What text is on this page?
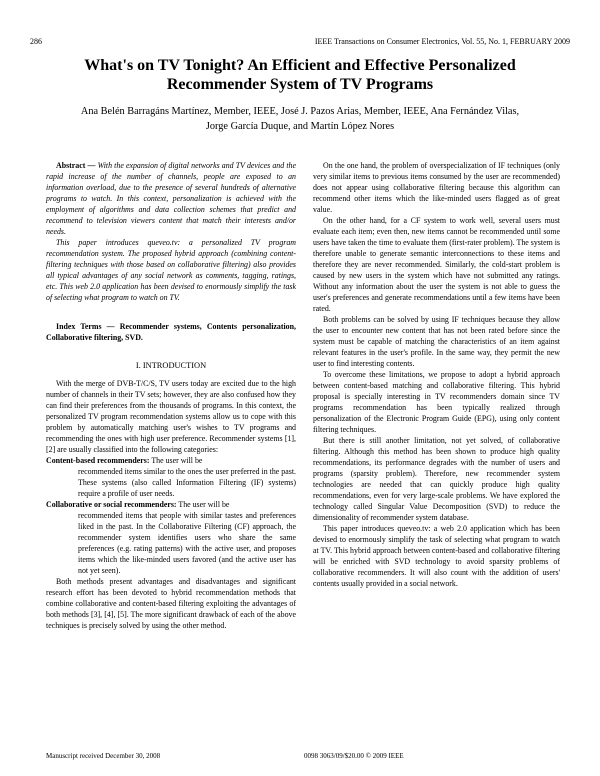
286	IEEE Transactions on Consumer Electronics, Vol. 55, No. 1, FEBRUARY 2009
What's on TV Tonight? An Efficient and Effective Personalized
Recommender System of TV Programs
Ana Belén Barragáns Martínez, Member, IEEE, José J. Pazos Arias, Member, IEEE, Ana Fernández Vilas,
Jorge García Duque, and Martín López Nores

Abstract — With the expansion of digital networks and TV devices and the rapid increase of the number of channels, people are exposed to an information overload, due to the presence of several hundreds of alternative programs to watch. In this context, personalization is achieved with the employment of algorithms and data collection schemes that predict and recommend to television viewers content that match their interests and/or needs.

This paper introduces queveo.tv: a personalized TV program recommendation system. The proposed hybrid approach (combining content-filtering techniques with those based on collaborative filtering) also provides all typical advantages of any social network as comments, tagging, ratings, etc. This web 2.0 application has been devised to enormously simplify the task of selecting what program to watch on TV.

Index Terms — Recommender systems, Contents personalization, Collaborative filtering, SVD.

I. INTRODUCTION

With the merge of DVB-T/C/S, TV users today are excited due to the high number of channels in their TV sets; however, they are also confused how they can find their preferences from the thousands of programs. In this context, the personalized TV program recommendation systems allow us to cope with this problem by automatically matching user's wishes to TV programs and recommending the ones with high user preference. Recommender systems [1], [2] are usually classified into the following categories:

Content-based recommenders: The user will be
recommended items similar to the ones the user preferred in the past. These systems (also called Information Filtering (IF) systems) require a profile of user needs.
Collaborative or social recommenders: The user will be
recommended items that people with similar tastes and preferences liked in the past. In the Collaborative Filtering (CF) approach, the recommender system identifies users who share the same preferences (e.g. rating patterns) with the active user, and proposes items which the like-minded users favored (and the active user has not yet seen).

Both methods present advantages and disadvantages and significant research effort has been devoted to hybrid recommendation methods that combine collaborative and content-based filtering exploiting the advantages of both methods [3], [4], [5]. The more significant drawback of each of the above techniques is precisely solved by using the other method.

On the one hand, the problem of overspecialization of IF techniques (only very similar items to previous items consumed by the user are recommended) does not appear using collaborative filtering because this algorithm can recommend other items which the like-minded users flagged as of great value.

On the other hand, for a CF system to work well, several users must evaluate each item; even then, new items cannot be recommended until some users have taken the time to evaluate them (first-rater problem). The system is therefore unable to generate semantic interconnections to these items and therefore they are never recommended. Similarly, the cold-start problem is caused by new users in the system which have not submitted any ratings. Without any information about the user the system is not able to guess the user's preferences and generate recommendations until a few items have been rated.

Both problems can be solved by using IF techniques because they allow the user to encounter new content that has not been rated before since the system must be capable of matching the characteristics of an item against relevant features in the user's profile. In the same way, they permit the new user to find interesting contents.

To overcome these limitations, we propose to adopt a hybrid approach between content-based matching and collaborative filtering. This hybrid proposal is specially interesting in TV recommenders domain since TV programs recommendation has been typically realized through personalization of the Electronic Program Guide (EPG), using only content filtering techniques.

But there is still another limitation, not yet solved, of collaborative filtering. Although this method has been shown to produce high quality recommendations, its performance degrades with the number of users and programs (sparsity problem). Therefore, new recommender system technologies are needed that can quickly produce high quality recommendations, even for very large-scale problems. We have explored the technology called Singular Value Decomposition (SVD) to reduce the dimensionality of recommender system database.

This paper introduces queveo.tv: a web 2.0 application which has been devised to enormously simplify the task of selecting what program to watch at TV. This hybrid approach between content-based and collaborative filtering will be enriched with SVD technology to avoid sparsity problems of collaborative recommenders. It will also count with the addition of users' contents usually provided in a social network.

Manuscript received December 30, 2008	0098 3063/09/$20.00 © 2009 IEEE
